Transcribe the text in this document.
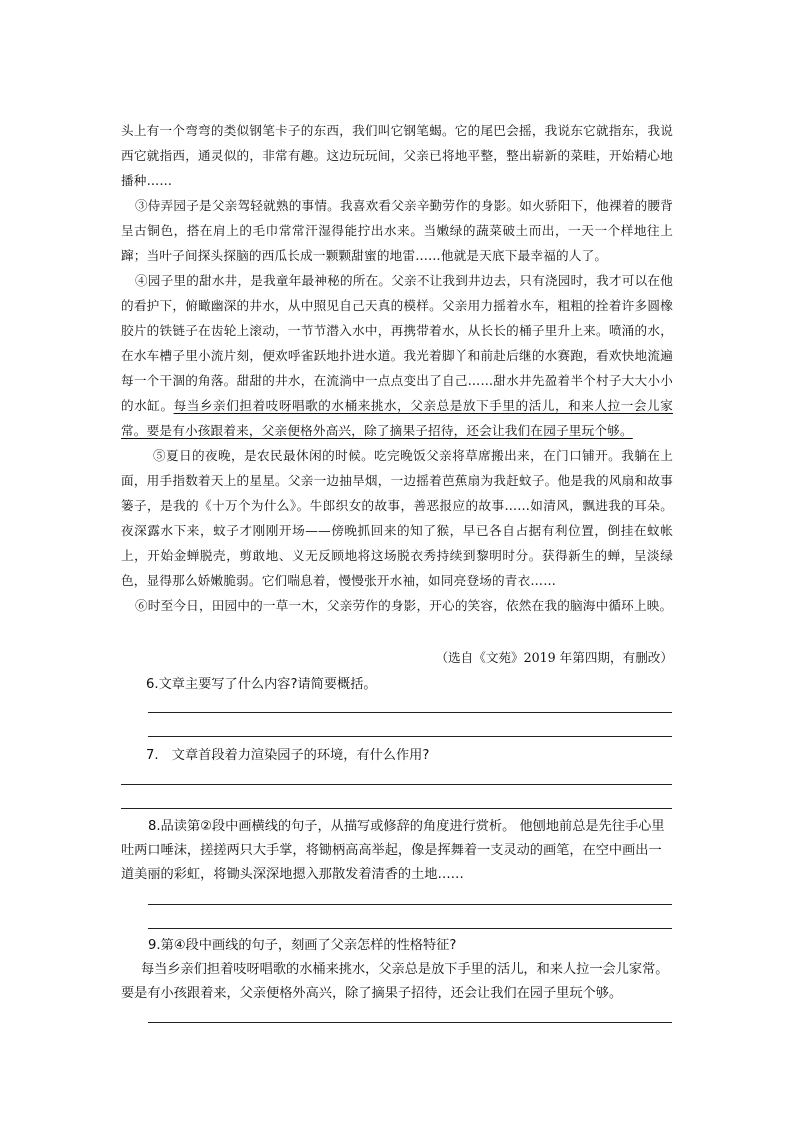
头上有一个弯弯的类似钢笔卡子的东西，我们叫它钢笔蝎。它的尾巴会摇，我说东它就指东，我说西它就指西，通灵似的，非常有趣。这边玩玩间，父亲已将地平整，整出崭新的菜畦，开始精心地播种……

③侍弄园子是父亲驾轻就熟的事情。我喜欢看父亲辛勤劳作的身影。如火骄阳下，他裸着的腰背呈古铜色，搭在肩上的毛巾常常汗湿得能拧出水来。当嫩绿的蔬菜破土而出，一天一个样地往上蹿；当叶子间探头探脑的西瓜长成一颗颗甜蜜的地雷……他就是天底下最幸福的人了。

④园子里的甜水井，是我童年最神秘的所在。父亲不让我到井边去，只有浇园时，我才可以在他的看护下，俯瞰幽深的井水，从中照见自己天真的模样。父亲用力摇着水车，粗粗的拴着许多圆橡胶片的铁链子在齿轮上滚动，一节节潜入水中，再携带着水，从长长的桶子里升上来。喷涌的水，在水车槽子里小流片刻，便欢呼雀跃地扑进水道。我光着脚丫和前赴后继的水赛跑，看欢快地流遍每一个干涸的角落。甜甜的井水，在流淌中一点点变出了自己……甜水井先盈着半个村子大大小小的水缸。每当乡亲们担着吱呀唱歌的水桶来挑水，父亲总是放下手里的活儿，和来人拉一会儿家常。要是有小孩跟着来，父亲便格外高兴，除了摘果子招待，还会让我们在园子里玩个够。

⑤夏日的夜晚，是农民最休闲的时候。吃完晚饭父亲将草席搬出来，在门口铺开。我躺在上面，用手指数着天上的星星。父亲一边抽旱烟，一边摇着芭蕉扇为我赶蚊子。他是我的风扇和故事篓子，是我的《十万个为什么》。牛郎织女的故事，善恶报应的故事……如清风，飘进我的耳朵。夜深露水下来，蚊子才刚刚开场——傍晚抓回来的知了猴，早已各自占据有利位置，倒挂在蚊帐上，开始金蝉脱壳，剪敢地、义无反顾地将这场脱衣秀持续到黎明时分。获得新生的蝉，呈淡绿色，显得那么娇嫩脆弱。它们喘息着，慢慢张开水袖，如同亮登场的青衣……

⑥时至今日，田园中的一草一木，父亲劳作的身影，开心的笑容，依然在我的脑海中循环上映。

（选自《文苑》2019 年第四期，有删改）

6.文章主要写了什么内容?请简要概括。

7.　文章首段着力渲染园子的环境，有什么作用?

8.品读第②段中画横线的句子，从描写或修辞的角度进行赏析。 他刨地前总是先往手心里吐两口唾沫，搓搓两只大手掌，将锄柄高高举起，像是挥舞着一支灵动的画笔，在空中画出一道美丽的彩虹，将锄头深深地摁入那散发着清香的土地……

9.第④段中画线的句子，刻画了父亲怎样的性格特征?

每当乡亲们担着吱呀唱歌的水桶来挑水，父亲总是放下手里的活儿，和来人拉一会儿家常。要是有小孩跟着来，父亲便格外高兴，除了摘果子招待，还会让我们在园子里玩个够。
